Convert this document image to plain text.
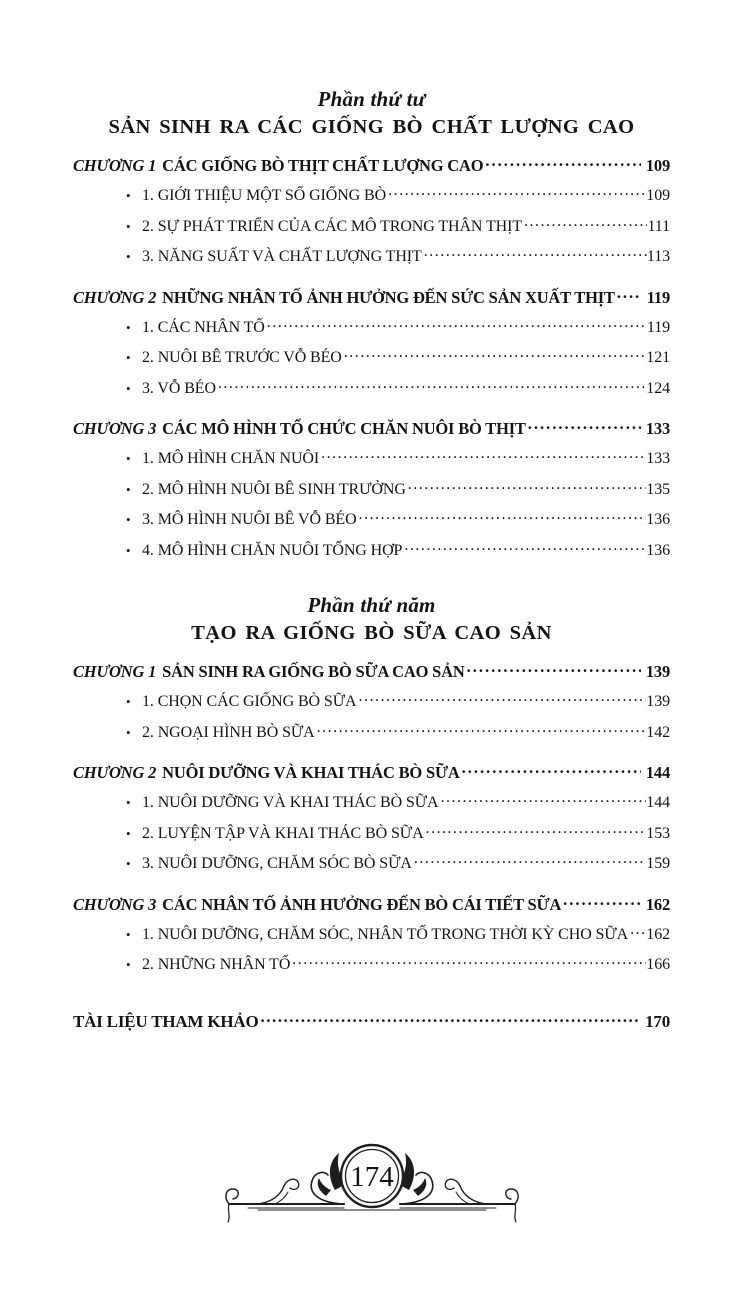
Phần thứ tư
SẢN SINH RA CÁC GIỐNG BÒ CHẤT LƯỢNG CAO
CHƯƠNG 1 CÁC GIỐNG BÒ THỊT CHẤT LƯỢNG CAO .....	109
• 1. GIỚI THIỆU MỘT SỐ GIỐNG BÒ .....	109
• 2. SỰ PHÁT TRIỂN CỦA CÁC MÔ TRONG THÂN THỊT .....	111
• 3. NĂNG SUẤT VÀ CHẤT LƯỢNG THỊT .....	113
CHƯƠNG 2 NHỮNG NHÂN TỐ ẢNH HƯỞNG ĐẾN SỨC SẢN XUẤT THỊT ..... 119
• 1. CÁC NHÂN TỐ .....	119
• 2. NUÔI BÊ TRƯỚC VỖ BÉO .....	121
• 3. VỖ BÉO .....	124
CHƯƠNG 3 CÁC MÔ HÌNH TỔ CHỨC CHĂN NUÔI BÒ THỊT .....	133
• 1. MÔ HÌNH CHĂN NUÔI .....	133
• 2. MÔ HÌNH NUÔI BÊ SINH TRƯỞNG .....	135
• 3. MÔ HÌNH NUÔI BÊ VỖ BÉO .....	136
• 4. MÔ HÌNH CHĂN NUÔI TỔNG HỢP .....	136
Phần thứ năm
TẠO RA GIỐNG BÒ SỮA CAO SẢN
CHƯƠNG 1 SẢN SINH RA GIỐNG BÒ SỮA CAO SẢN .....	139
• 1. CHỌN CÁC GIỐNG BÒ SỮA .....	139
• 2. NGOẠI HÌNH BÒ SỮA .....	142
CHƯƠNG 2 NUÔI DƯỠNG VÀ KHAI THÁC BÒ SỮA .....	144
• 1. NUÔI DƯỠNG VÀ KHAI THÁC BÒ SỮA .....	144
• 2. LUYỆN TẬP VÀ KHAI THÁC BÒ SỮA .....	153
• 3. NUÔI DƯỠNG, CHĂM SÓC BÒ SỮA .....	159
CHƯƠNG 3 CÁC NHÂN TỐ ẢNH HƯỞNG ĐẾN BÒ CÁI TIẾT SỮA .....	162
• 1. NUÔI DƯỠNG, CHĂM SÓC, NHÂN TỐ TRONG THỜI KỲ CHO SỮA ..... 162
• 2. NHỮNG NHÂN TỐ .....	166
TÀI LIỆU THAM KHẢO .....	170
174
